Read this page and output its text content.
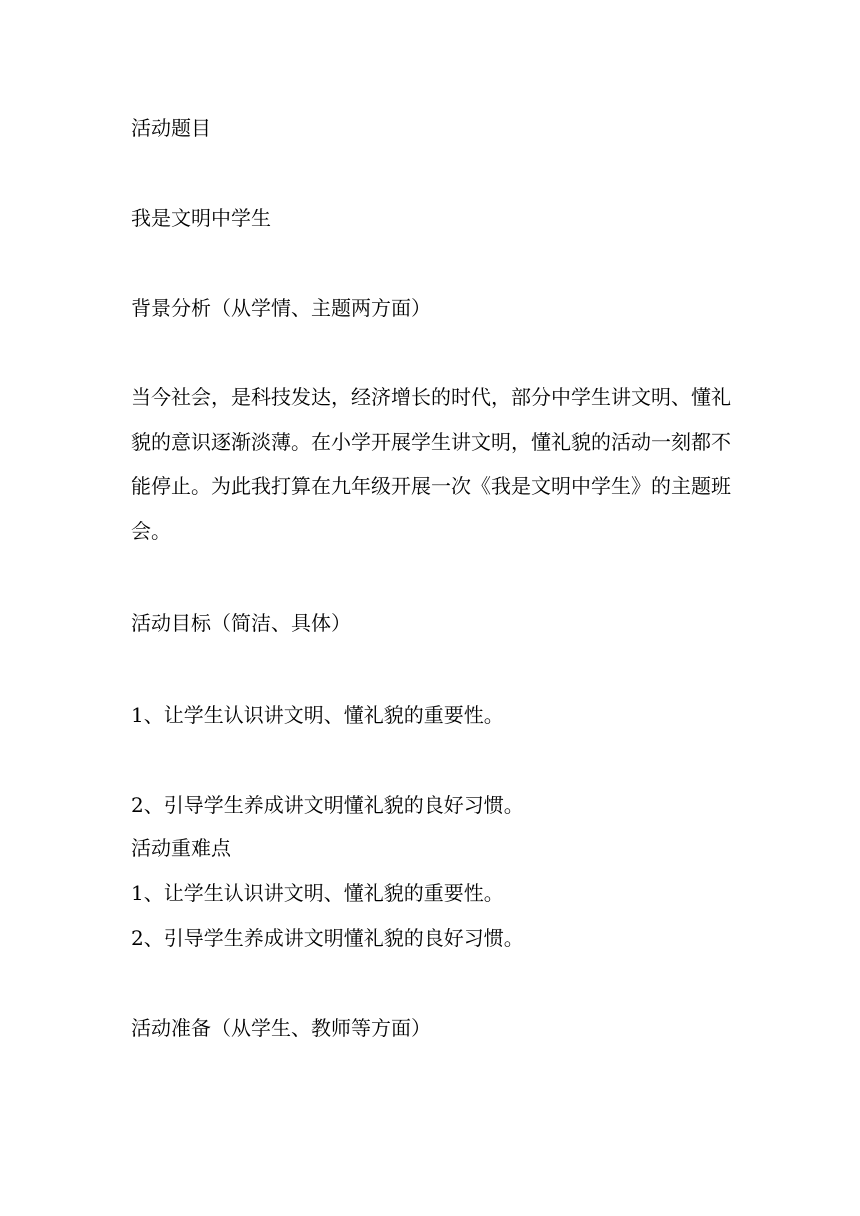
活动题目

我是文明中学生

背景分析（从学情、主题两方面）

当今社会，是科技发达，经济增长的时代，部分中学生讲文明、懂礼貌的意识逐渐淡薄。在小学开展学生讲文明，懂礼貌的活动一刻都不能停止。为此我打算在九年级开展一次《我是文明中学生》的主题班会。

活动目标（简洁、具体）

1、让学生认识讲文明、懂礼貌的重要性。

2、引导学生养成讲文明懂礼貌的良好习惯。

活动重难点

1、让学生认识讲文明、懂礼貌的重要性。

2、引导学生养成讲文明懂礼貌的良好习惯。

活动准备（从学生、教师等方面）
